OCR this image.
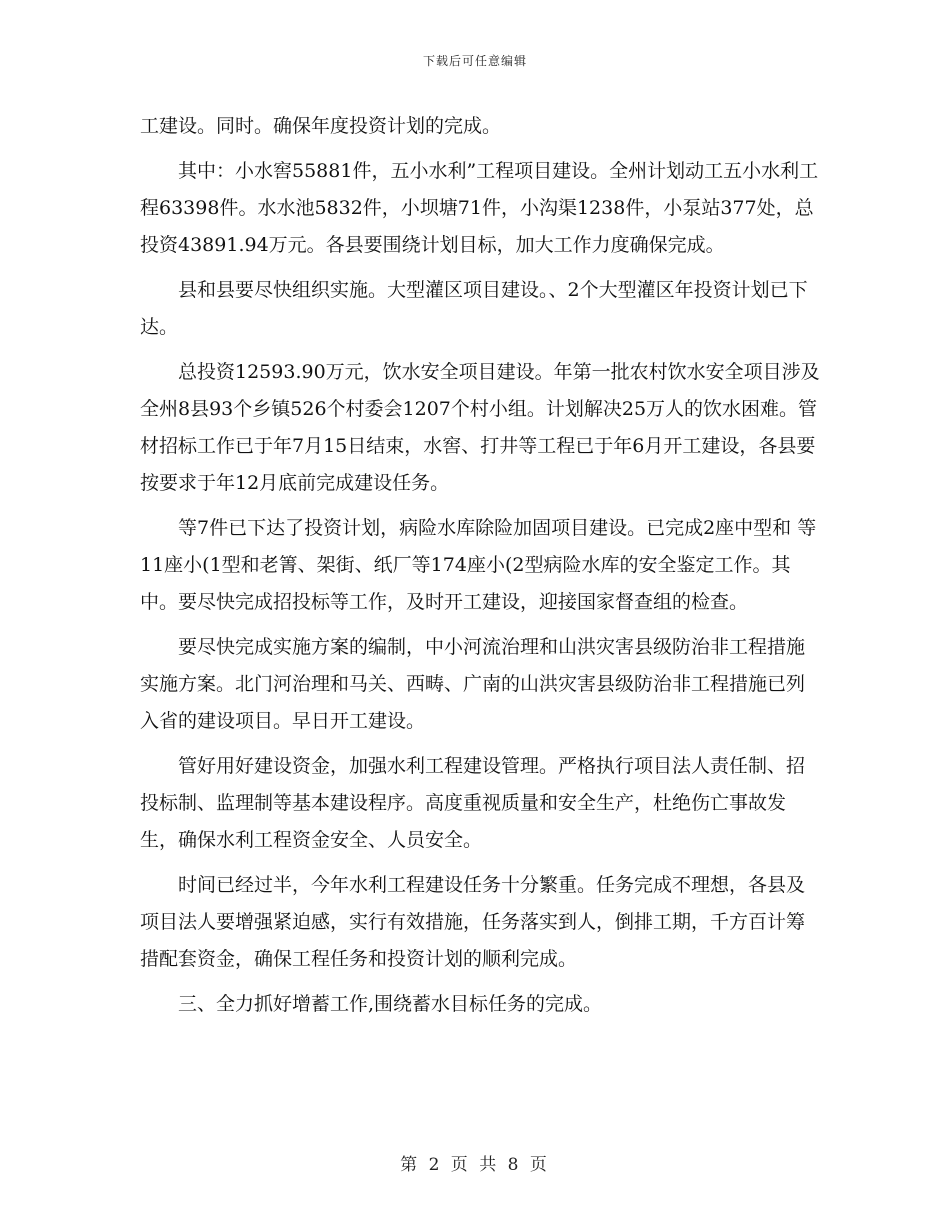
下载后可任意编辑

工建设。同时。确保年度投资计划的完成。

其中：小水窖55881件，五小水利”工程项目建设。全州计划动工五小水利工程63398件。水水池5832件，小坝塘71件，小沟渠1238件，小泵站377处，总投资43891.94万元。各县要围绕计划目标，加大工作力度确保完成。

县和县要尽快组织实施。大型灌区项目建设。、2个大型灌区年投资计划已下达。

总投资12593.90万元，饮水安全项目建设。年第一批农村饮水安全项目涉及全州8县93个乡镇526个村委会1207个村小组。计划解决25万人的饮水困难。管材招标工作已于年7月15日结束，水窖、打井等工程已于年6月开工建设，各县要按要求于年12月底前完成建设任务。

等7件已下达了投资计划，病险水库除险加固项目建设。已完成2座中型和 等11座小(1型和老箐、架街、纸厂等174座小(2型病险水库的安全鉴定工作。其中。要尽快完成招投标等工作，及时开工建设，迎接国家督查组的检查。

要尽快完成实施方案的编制，中小河流治理和山洪灾害县级防治非工程措施实施方案。北门河治理和马关、西畴、广南的山洪灾害县级防治非工程措施已列入省的建设项目。早日开工建设。

管好用好建设资金，加强水利工程建设管理。严格执行项目法人责任制、招投标制、监理制等基本建设程序。高度重视质量和安全生产，杜绝伤亡事故发生，确保水利工程资金安全、人员安全。

时间已经过半，今年水利工程建设任务十分繁重。任务完成不理想，各县及项目法人要增强紧迫感，实行有效措施，任务落实到人，倒排工期，千方百计筹措配套资金，确保工程任务和投资计划的顺利完成。

三、全力抓好增蓄工作,围绕蓄水目标任务的完成。

第 2 页 共 8 页
